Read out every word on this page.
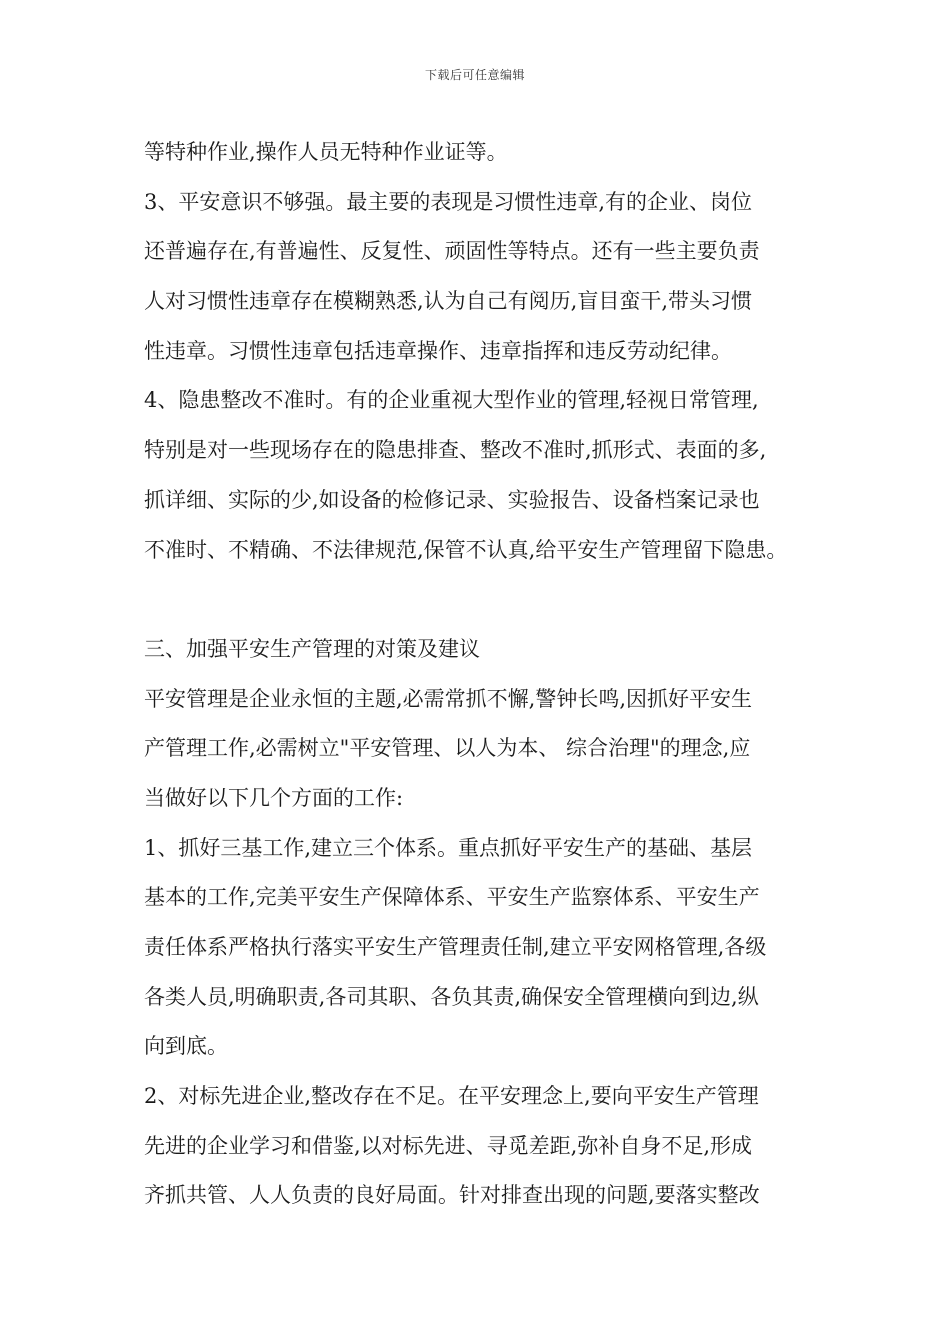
下载后可任意编辑
等特种作业,操作人员无特种作业证等。
3、平安意识不够强。最主要的表现是习惯性违章,有的企业、岗位
还普遍存在,有普遍性、反复性、顽固性等特点。还有一些主要负责
人对习惯性违章存在模糊熟悉,认为自己有阅历,盲目蛮干,带头习惯
性违章。习惯性违章包括违章操作、违章指挥和违反劳动纪律。
4、隐患整改不准时。有的企业重视大型作业的管理,轻视日常管理,
特别是对一些现场存在的隐患排查、整改不准时,抓形式、表面的多,
抓详细、实际的少,如设备的检修记录、实验报告、设备档案记录也
不准时、不精确、不法律规范,保管不认真,给平安生产管理留下隐患。
三、加强平安生产管理的对策及建议
平安管理是企业永恒的主题,必需常抓不懈,警钟长鸣,因抓好平安生
产管理工作,必需树立"平安管理、以人为本、 综合治理"的理念,应
当做好以下几个方面的工作:
1、抓好三基工作,建立三个体系。重点抓好平安生产的基础、基层
基本的工作,完美平安生产保障体系、平安生产监察体系、平安生产
责任体系严格执行落实平安生产管理责任制,建立平安网格管理,各级
各类人员,明确职责,各司其职、各负其责,确保安全管理横向到边,纵
向到底。
2、对标先进企业,整改存在不足。在平安理念上,要向平安生产管理
先进的企业学习和借鉴,以对标先进、寻觅差距,弥补自身不足,形成
齐抓共管、人人负责的良好局面。针对排查出现的问题,要落实整改
